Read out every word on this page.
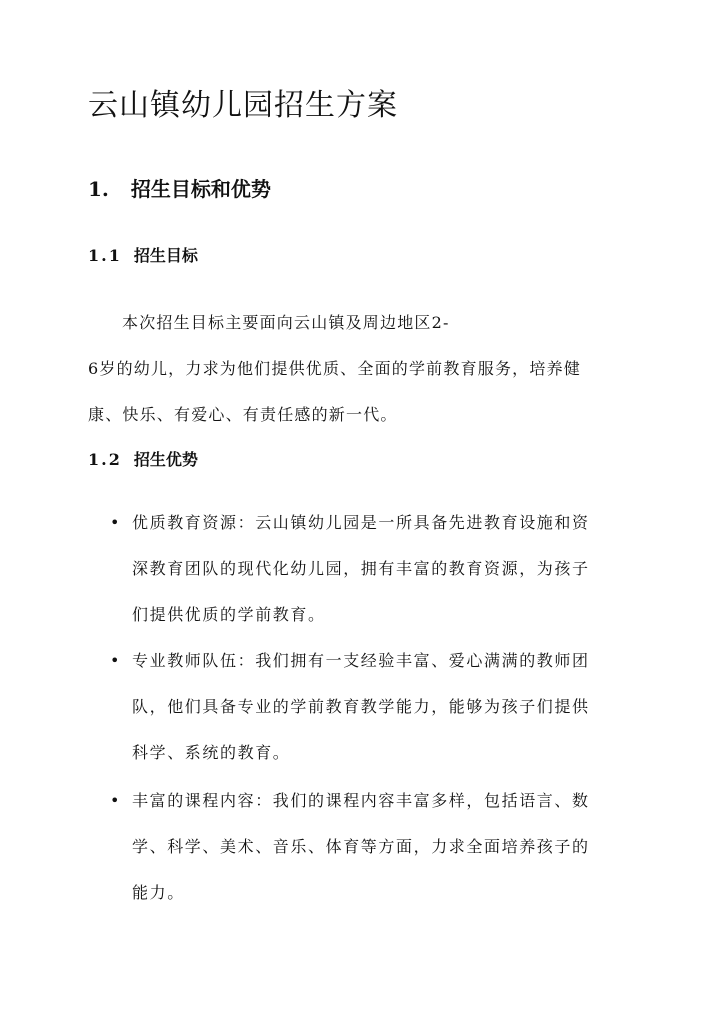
云山镇幼儿园招生方案
1. 招生目标和优势
1.1 招生目标
本次招生目标主要面向云山镇及周边地区2-
6岁的幼儿，力求为他们提供优质、全面的学前教育服务，培养健
康、快乐、有爱心、有责任感的新一代。
1.2 招生优势
• 优质教育资源：云山镇幼儿园是一所具备先进教育设施和资
深教育团队的现代化幼儿园，拥有丰富的教育资源，为孩子
们提供优质的学前教育。
• 专业教师队伍：我们拥有一支经验丰富、爱心满满的教师团
队，他们具备专业的学前教育教学能力，能够为孩子们提供
科学、系统的教育。
• 丰富的课程内容：我们的课程内容丰富多样，包括语言、数
学、科学、美术、音乐、体育等方面，力求全面培养孩子的
能力。
